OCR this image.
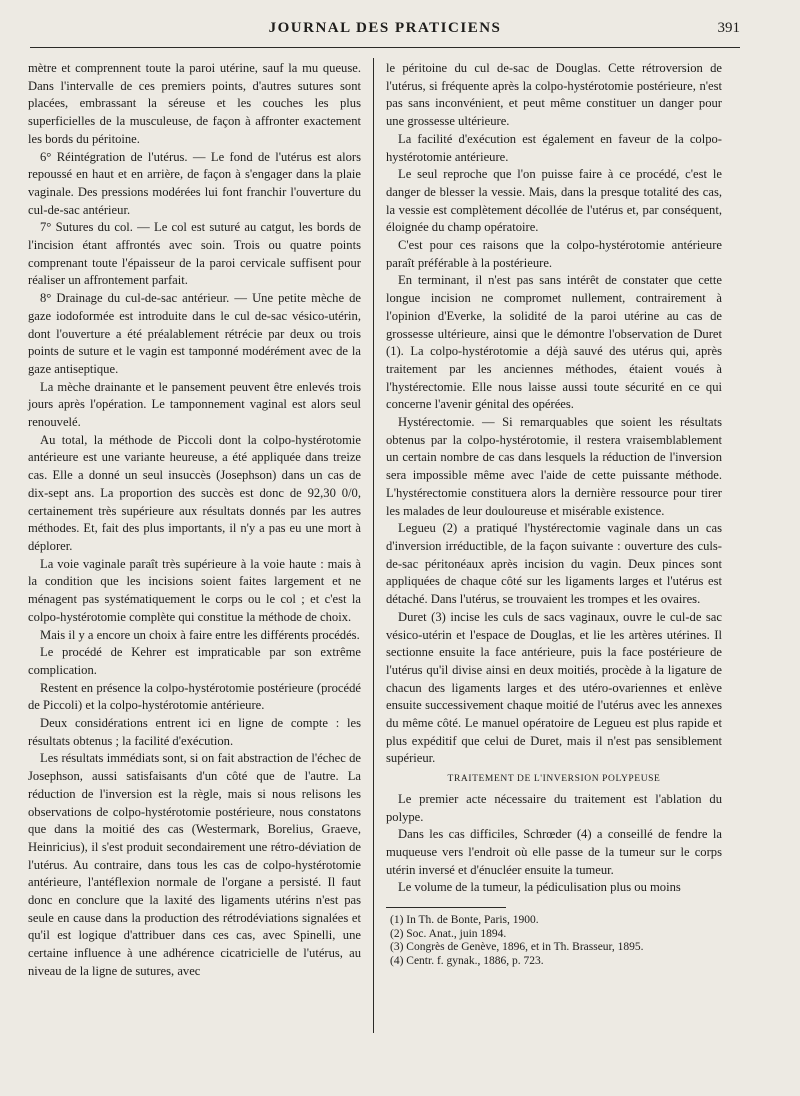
JOURNAL DES PRATICIENS	391

mètre et comprennent toute la paroi utérine, sauf la mu queuse. Dans l'intervalle de ces premiers points, d'autres sutures sont placées, embrassant la séreuse et les couches les plus superficielles de la musculeuse, de façon à affronter exactement les bords du péritoine.

6° Réintégration de l'utérus. — Le fond de l'utérus est alors repoussé en haut et en arrière, de façon à s'engager dans la plaie vaginale. Des pressions modérées lui font franchir l'ouverture du cul-de-sac antérieur.

7° Sutures du col. — Le col est suturé au catgut, les bords de l'incision étant affrontés avec soin. Trois ou quatre points comprenant toute l'épaisseur de la paroi cervicale suffisent pour réaliser un affrontement parfait.

8° Drainage du cul-de-sac antérieur. — Une petite mèche de gaze iodoformée est introduite dans le cul de-sac vésico-utérin, dont l'ouverture a été préalablement rétrécie par deux ou trois points de suture et le vagin est tamponné modérément avec de la gaze antiseptique.

La mèche drainante et le pansement peuvent être enlevés trois jours après l'opération. Le tamponnement vaginal est alors seul renouvelé.

Au total, la méthode de Piccoli dont la colpo-hystérotomie antérieure est une variante heureuse, a été appliquée dans treize cas. Elle a donné un seul insuccès (Josephson) dans un cas de dix-sept ans. La proportion des succès est donc de 92,30 0/0, certainement très supérieure aux résultats donnés par les autres méthodes. Et, fait des plus importants, il n'y a pas eu une mort à déplorer.

La voie vaginale paraît très supérieure à la voie haute : mais à la condition que les incisions soient faites largement et ne ménagent pas systématiquement le corps ou le col ; et c'est la colpo-hystérotomie complète qui constitue la méthode de choix.

Mais il y a encore un choix à faire entre les différents procédés.

Le procédé de Kehrer est impraticable par son extrême complication.

Restent en présence la colpo-hystérotomie postérieure (procédé de Piccoli) et la colpo-hystérotomie antérieure.

Deux considérations entrent ici en ligne de compte : les résultats obtenus ; la facilité d'exécution.

Les résultats immédiats sont, si on fait abstraction de l'échec de Josephson, aussi satisfaisants d'un côté que de l'autre. La réduction de l'inversion est la règle, mais si nous relisons les observations de colpo-hystérotomie postérieure, nous constatons que dans la moitié des cas (Westermark, Borelius, Graeve, Heinricius), il s'est produit secondairement une rétro-déviation de l'utérus. Au contraire, dans tous les cas de colpo-hystérotomie antérieure, l'antéflexion normale de l'organe a persisté. Il faut donc en conclure que la laxité des ligaments utérins n'est pas seule en cause dans la production des rétrodéviations signalées et qu'il est logique d'attribuer dans ces cas, avec Spinelli, une certaine influence à une adhérence cicatricielle de l'utérus, au niveau de la ligne de sutures, avec

le péritoine du cul de-sac de Douglas. Cette rétroversion de l'utérus, si fréquente après la colpo-hystérotomie postérieure, n'est pas sans inconvénient, et peut même constituer un danger pour une grossesse ultérieure.

La facilité d'exécution est également en faveur de la colpo-hystérotomie antérieure.

Le seul reproche que l'on puisse faire à ce procédé, c'est le danger de blesser la vessie. Mais, dans la presque totalité des cas, la vessie est complètement décollée de l'utérus et, par conséquent, éloignée du champ opératoire.

C'est pour ces raisons que la colpo-hystérotomie antérieure paraît préférable à la postérieure.

En terminant, il n'est pas sans intérêt de constater que cette longue incision ne compromet nullement, contrairement à l'opinion d'Everke, la solidité de la paroi utérine au cas de grossesse ultérieure, ainsi que le démontre l'observation de Duret (1). La colpo-hystérotomie a déjà sauvé des utérus qui, après traitement par les anciennes méthodes, étaient voués à l'hystérectomie. Elle nous laisse aussi toute sécurité en ce qui concerne l'avenir génital des opérées.

Hystérectomie. — Si remarquables que soient les résultats obtenus par la colpo-hystérotomie, il restera vraisemblablement un certain nombre de cas dans lesquels la réduction de l'inversion sera impossible même avec l'aide de cette puissante méthode. L'hystérectomie constituera alors la dernière ressource pour tirer les malades de leur douloureuse et misérable existence.

Legueu (2) a pratiqué l'hystérectomie vaginale dans un cas d'inversion irréductible, de la façon suivante : ouverture des culs-de-sac péritonéaux après incision du vagin. Deux pinces sont appliquées de chaque côté sur les ligaments larges et l'utérus est détaché. Dans l'utérus, se trouvaient les trompes et les ovaires.

Duret (3) incise les culs de sacs vaginaux, ouvre le cul-de sac vésico-utérin et l'espace de Douglas, et lie les artères utérines. Il sectionne ensuite la face antérieure, puis la face postérieure de l'utérus qu'il divise ainsi en deux moitiés, procède à la ligature de chacun des ligaments larges et des utéro-ovariennes et enlève ensuite successivement chaque moitié de l'utérus avec les annexes du même côté. Le manuel opératoire de Legueu est plus rapide et plus expéditif que celui de Duret, mais il n'est pas sensiblement supérieur.

TRAITEMENT DE L'INVERSION POLYPEUSE

Le premier acte nécessaire du traitement est l'ablation du polype.

Dans les cas difficiles, Schrœder (4) a conseillé de fendre la muqueuse vers l'endroit où elle passe de la tumeur sur le corps utérin inversé et d'énucléer ensuite la tumeur.

Le volume de la tumeur, la pédiculisation plus ou moins

(1) In Th. de Bonte, Paris, 1900.
(2) Soc. Anat., juin 1894.
(3) Congrès de Genève, 1896, et in Th. Brasseur, 1895.
(4) Centr. f. gynak., 1886, p. 723.
